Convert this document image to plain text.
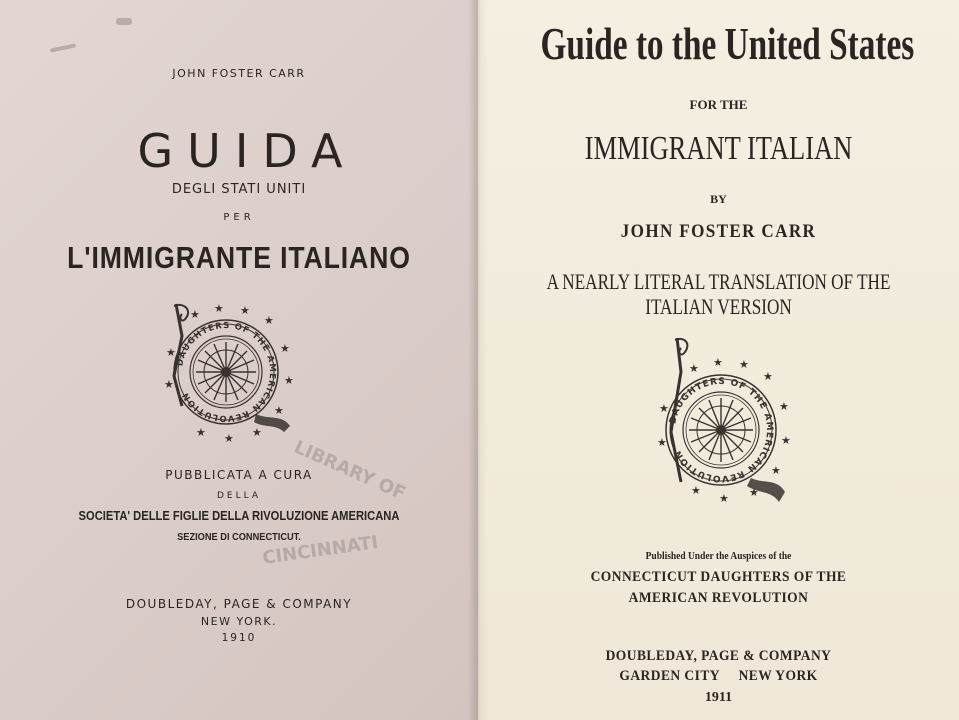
JOHN FOSTER CARR

GUIDA

DEGLI STATI UNITI

PER

L'IMMIGRANTE ITALIANO

DAUGHTERS OF THE AMERICAN REVOLUTION
★ ★ ★
★
★
★
★
★
★
★
★
★

PUBBLICATA A CURA

DELLA

SOCIETA' DELLE FIGLIE DELLA RIVOLUZIONE AMERICANA

SEZIONE DI CONNECTICUT.

LIBRARY OF
CINCINNATI

DOUBLEDAY, PAGE & COMPANY

NEW YORK.

1910

Guide to the United States

FOR THE

IMMIGRANT ITALIAN

BY

JOHN FOSTER CARR

A NEARLY LITERAL TRANSLATION OF THE

ITALIAN VERSION

DAUGHTERS OF THE AMERICAN REVOLUTION
★ ★ ★
★
★
★
★
★
★
★
★
★

Published Under the Auspices of the

CONNECTICUT DAUGHTERS OF THE

AMERICAN REVOLUTION

DOUBLEDAY, PAGE & COMPANY

GARDEN CITY     NEW YORK

1911
